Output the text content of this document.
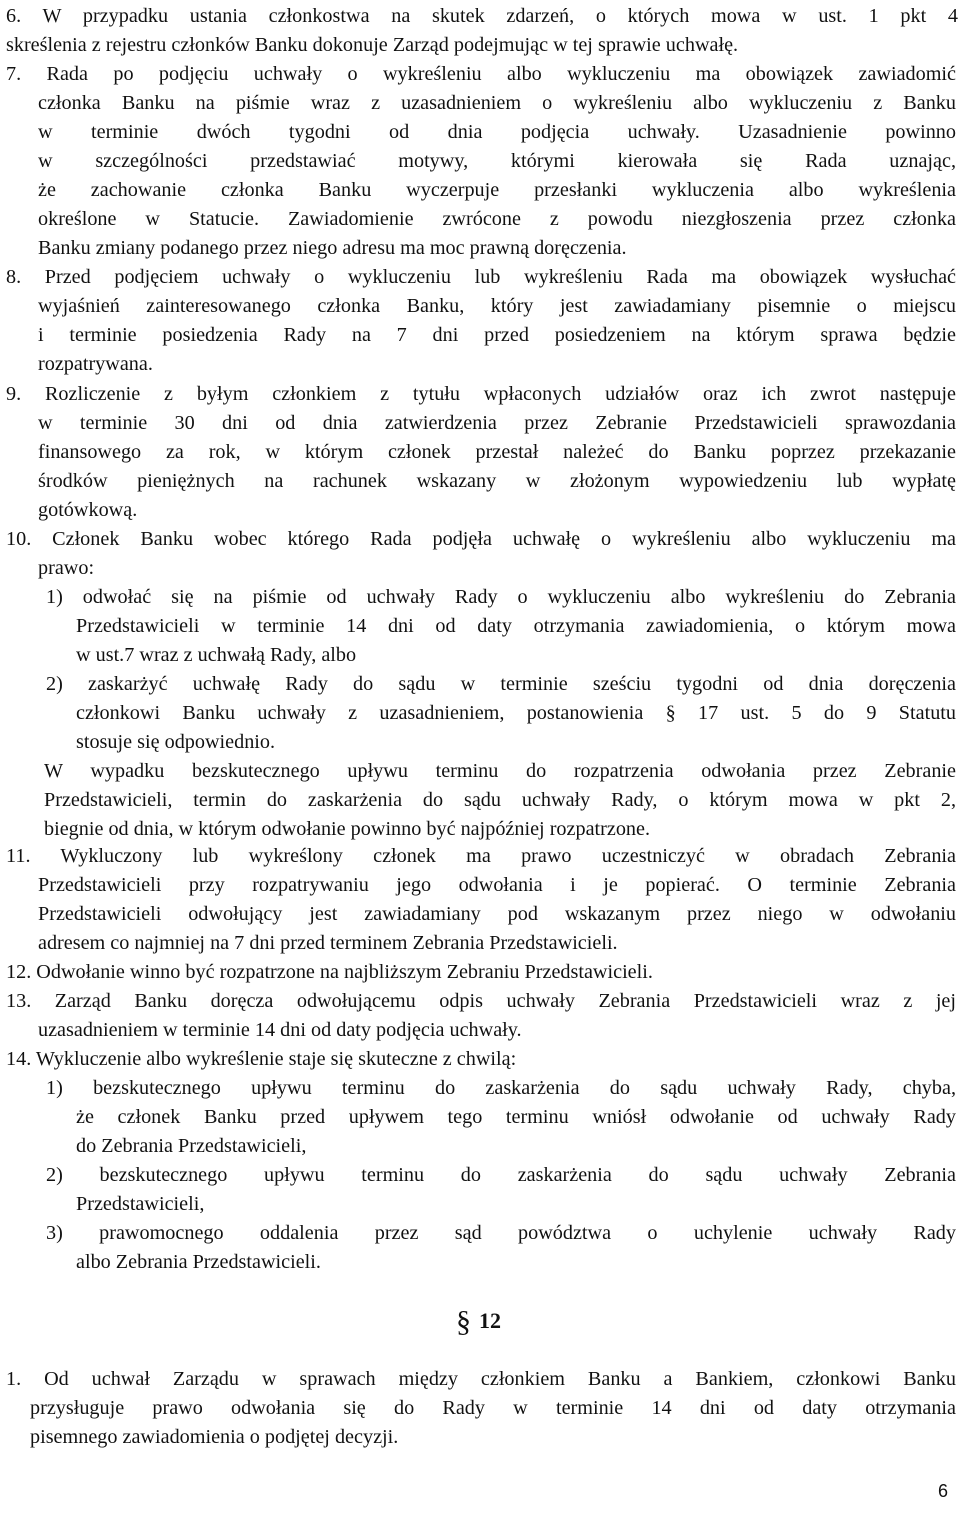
6. W przypadku ustania członkostwa na skutek zdarzeń, o których mowa w ust. 1 pkt 4
skreślenia z rejestru członków Banku dokonuje Zarząd podejmując w tej sprawie uchwałę.
7. Rada po podjęciu uchwały o wykreśleniu albo wykluczeniu ma obowiązek zawiadomić
członka Banku na piśmie wraz z uzasadnieniem o wykreśleniu albo wykluczeniu z Banku
w terminie dwóch tygodni od dnia podjęcia uchwały. Uzasadnienie powinno
w szczególności przedstawiać motywy, którymi kierowała się Rada uznając,
że zachowanie członka Banku wyczerpuje przesłanki wykluczenia albo wykreślenia
określone w Statucie. Zawiadomienie zwrócone z powodu niezgłoszenia przez członka
Banku zmiany podanego przez niego adresu ma moc prawną doręczenia.
8. Przed podjęciem uchwały o wykluczeniu lub wykreśleniu Rada ma obowiązek wysłuchać
wyjaśnień zainteresowanego członka Banku, który jest zawiadamiany pisemnie o miejscu
i terminie posiedzenia Rady na 7 dni przed posiedzeniem na którym sprawa będzie
rozpatrywana.
9. Rozliczenie z byłym członkiem z tytułu wpłaconych udziałów oraz ich zwrot następuje
w terminie 30 dni od dnia zatwierdzenia przez Zebranie Przedstawicieli sprawozdania
finansowego za rok, w którym członek przestał należeć do Banku poprzez przekazanie
środków pieniężnych na rachunek wskazany w złożonym wypowiedzeniu lub wypłatę
gotówkową.
10. Członek Banku wobec którego Rada podjęła uchwałę o wykreśleniu albo wykluczeniu ma
prawo:
1) odwołać się na piśmie od uchwały Rady o wykluczeniu albo wykreśleniu do Zebrania
Przedstawicieli w terminie 14 dni od daty otrzymania zawiadomienia, o którym mowa
w ust.7 wraz z uchwałą Rady, albo
2) zaskarżyć uchwałę Rady do sądu w terminie sześciu tygodni od dnia doręczenia
członkowi Banku uchwały z uzasadnieniem, postanowienia § 17 ust. 5 do 9 Statutu
stosuje się odpowiednio.
W wypadku bezskutecznego upływu terminu do rozpatrzenia odwołania przez Zebranie
Przedstawicieli, termin do zaskarżenia do sądu uchwały Rady, o którym mowa w pkt 2,
biegnie od dnia, w którym odwołanie powinno być najpóźniej rozpatrzone.
11. Wykluczony lub wykreślony członek ma prawo uczestniczyć w obradach Zebrania
Przedstawicieli przy rozpatrywaniu jego odwołania i je popierać. O terminie Zebrania
Przedstawicieli odwołujący jest zawiadamiany pod wskazanym przez niego w odwołaniu
adresem co najmniej na 7 dni przed terminem Zebrania Przedstawicieli.
12. Odwołanie winno być rozpatrzone na najbliższym Zebraniu Przedstawicieli.
13. Zarząd Banku doręcza odwołującemu odpis uchwały Zebrania Przedstawicieli wraz z jej
uzasadnieniem w terminie 14 dni od daty podjęcia uchwały.
14. Wykluczenie albo wykreślenie staje się skuteczne z chwilą:
1) bezskutecznego upływu terminu do zaskarżenia do sądu uchwały Rady, chyba,
że członek Banku przed upływem tego terminu wniósł odwołanie od uchwały Rady
do Zebrania Przedstawicieli,
2) bezskutecznego upływu terminu do zaskarżenia do sądu uchwały Zebrania
Przedstawicieli,
3) prawomocnego oddalenia przez sąd powództwa o uchylenie uchwały Rady
albo Zebrania Przedstawicieli.
1. Od uchwał Zarządu w sprawach między członkiem Banku a Bankiem, członkowi Banku
przysługuje prawo odwołania się do Rady w terminie 14 dni od daty otrzymania
pisemnego zawiadomienia o podjętej decyzji.
§ 12
6
